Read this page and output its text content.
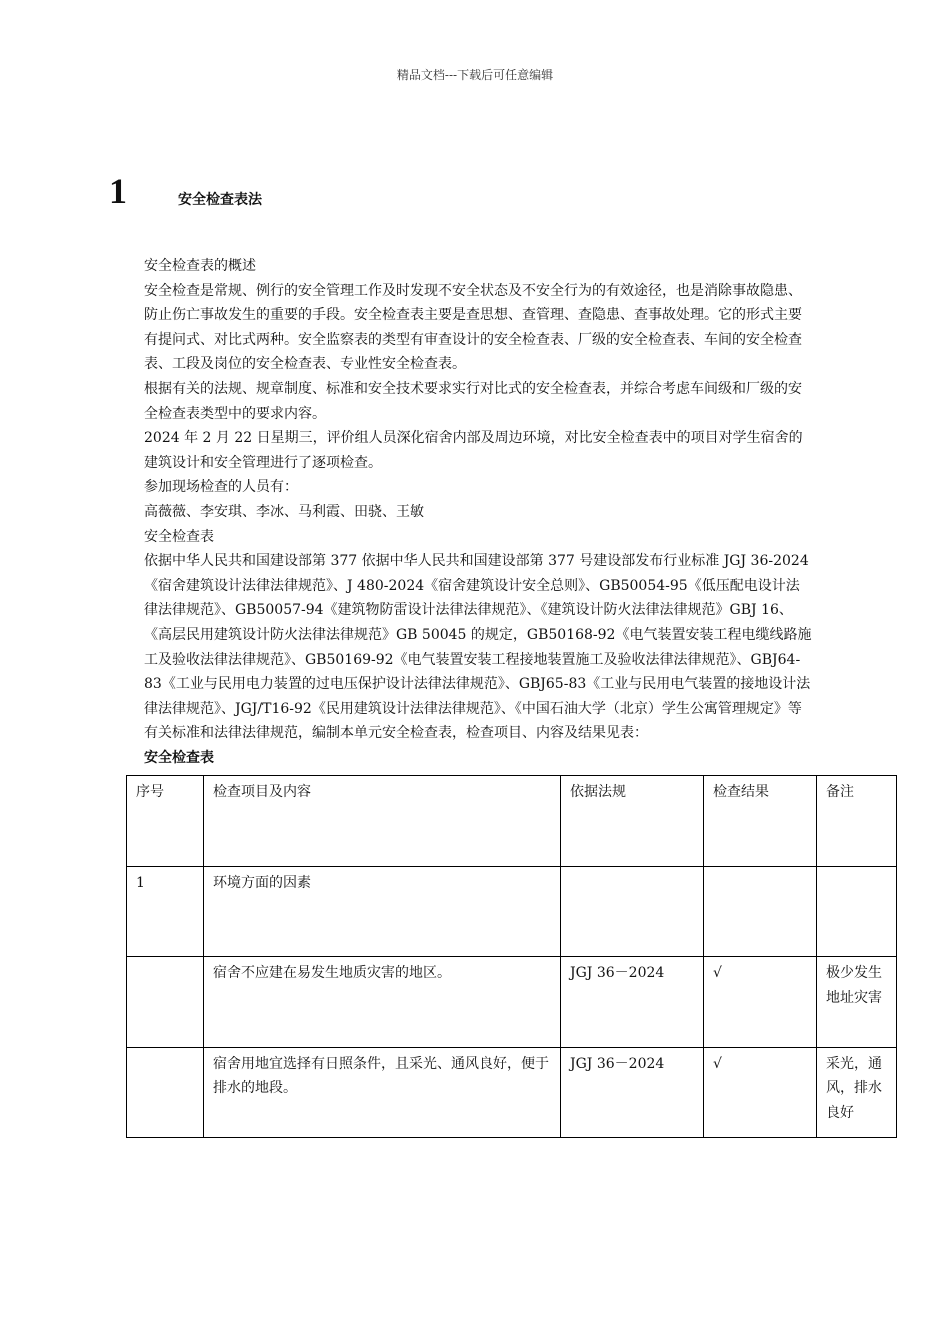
精品文档---下载后可任意编辑
1	安全检查表法

安全检查表的概述

安全检查是常规、例行的安全管理工作及时发现不安全状态及不安全行为的有效途径，也是消除事故隐患、防止伤亡事故发生的重要的手段。安全检查表主要是查思想、查管理、查隐患、查事故处理。它的形式主要有提问式、对比式两种。安全监察表的类型有审查设计的安全检查表、厂级的安全检查表、车间的安全检查表、工段及岗位的安全检查表、专业性安全检查表。

根据有关的法规、规章制度、标准和安全技术要求实行对比式的安全检查表，并综合考虑车间级和厂级的安全检查表类型中的要求内容。

2024 年 2 月 22 日星期三，评价组人员深化宿舍内部及周边环境，对比安全检查表中的项目对学生宿舍的建筑设计和安全管理进行了逐项检查。

参加现场检查的人员有：

高薇薇、李安琪、李冰、马利霞、田骁、王敏

安全检查表

依据中华人民共和国建设部第 377 依据中华人民共和国建设部第 377 号建设部发布行业标准 JGJ 36-2024《宿舍建筑设计法律法律规范》、J 480-2024《宿舍建筑设计安全总则》、GB50054-95《低压配电设计法律法律规范》、GB50057-94《建筑物防雷设计法律法律规范》、《建筑设计防火法律法律规范》GBJ 16、《高层民用建筑设计防火法律法律规范》GB 50045 的规定，GB50168-92《电气装置安装工程电缆线路施工及验收法律法律规范》、GB50169-92《电气装置安装工程接地装置施工及验收法律法律规范》、GBJ64-83《工业与民用电力装置的过电压保护设计法律法律规范》、GBJ65-83《工业与民用电气装置的接地设计法律法律规范》、JGJ/T16-92《民用建筑设计法律法律规范》、《中国石油大学（北京）学生公寓管理规定》等有关标准和法律法律规范，编制本单元安全检查表，检查项目、内容及结果见表：

安全检查表

序号	检查项目及内容	依据法规	检查结果	备注
1	环境方面的因素			
	宿舍不应建在易发生地质灾害的地区。	JGJ 36－2024	√	极少发生地址灾害
	宿舍用地宜选择有日照条件，且采光、通风良好，便于排水的地段。	JGJ 36－2024	√	采光，通风，排水良好
